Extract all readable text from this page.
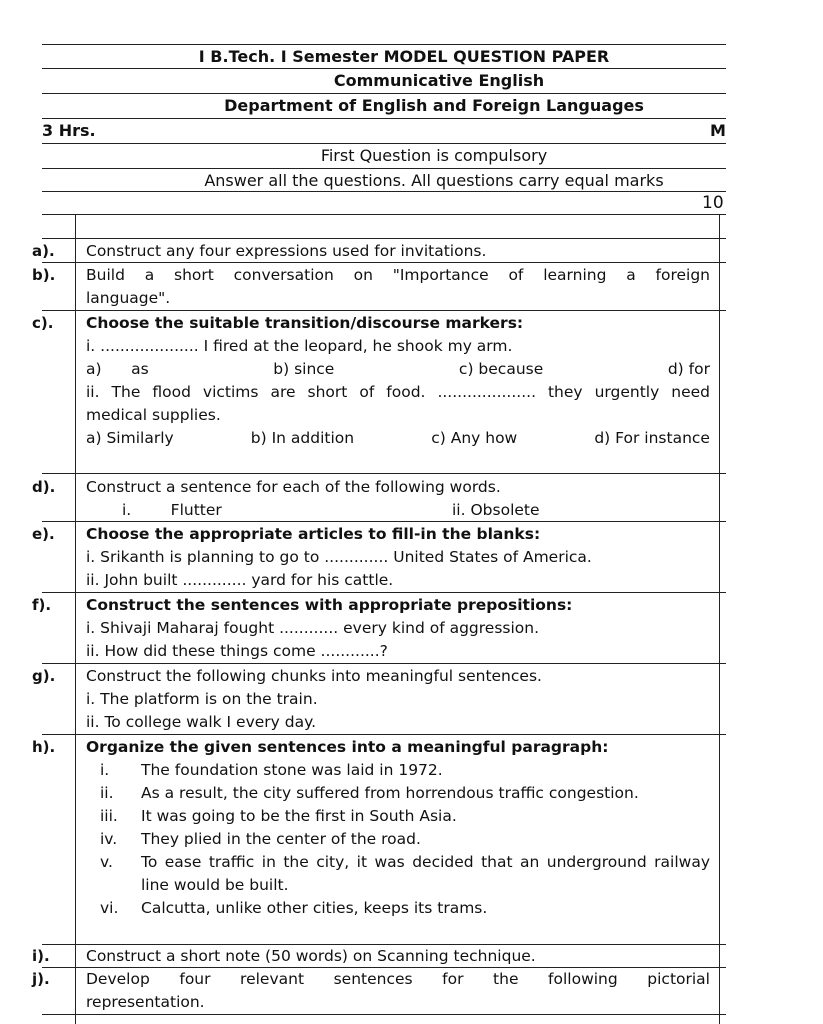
I B.Tech. I Semester MODEL QUESTION PAPER
Communicative English
Department of English and Foreign Languages
3 Hrs.	M
First Question is compulsory
Answer all the questions. All questions carry equal marks
10
a).	Construct any four expressions used for invitations.
b).	Build a short conversation on "Importance of learning a foreign
language".
c).	Choose the suitable transition/discourse markers:
i. .................... I fired at the leopard, he shook my arm.
a)      as	b) since	c) because	d) for
ii. The flood victims are short of food. .................... they urgently need
medical supplies.
a) Similarly	b) In addition	c) Any how	d) For instance
d).	Construct a sentence for each of the following words.
i.        Flutter	ii. Obsolete
e).	Choose the appropriate articles to fill-in the blanks:
i. Srikanth is planning to go to ............. United States of America.
ii. John built ............. yard for his cattle.
f).	Construct the sentences with appropriate prepositions:
i. Shivaji Maharaj fought ............ every kind of aggression.
ii. How did these things come ............?
g).	Construct the following chunks into meaningful sentences.
i. The platform is on the train.
ii. To college walk I every day.
h).	Organize the given sentences into a meaningful paragraph:
i.	The foundation stone was laid in 1972.
ii.	As a result, the city suffered from horrendous traffic congestion.
iii.	It was going to be the first in South Asia.
iv.	They plied in the center of the road.
v.	To ease traffic in the city, it was decided that an underground railway line would be built.
vi.	Calcutta, unlike other cities, keeps its trams.
i).	Construct a short note (50 words) on Scanning technique.
j).	Develop four relevant sentences for the following pictorial
representation.
